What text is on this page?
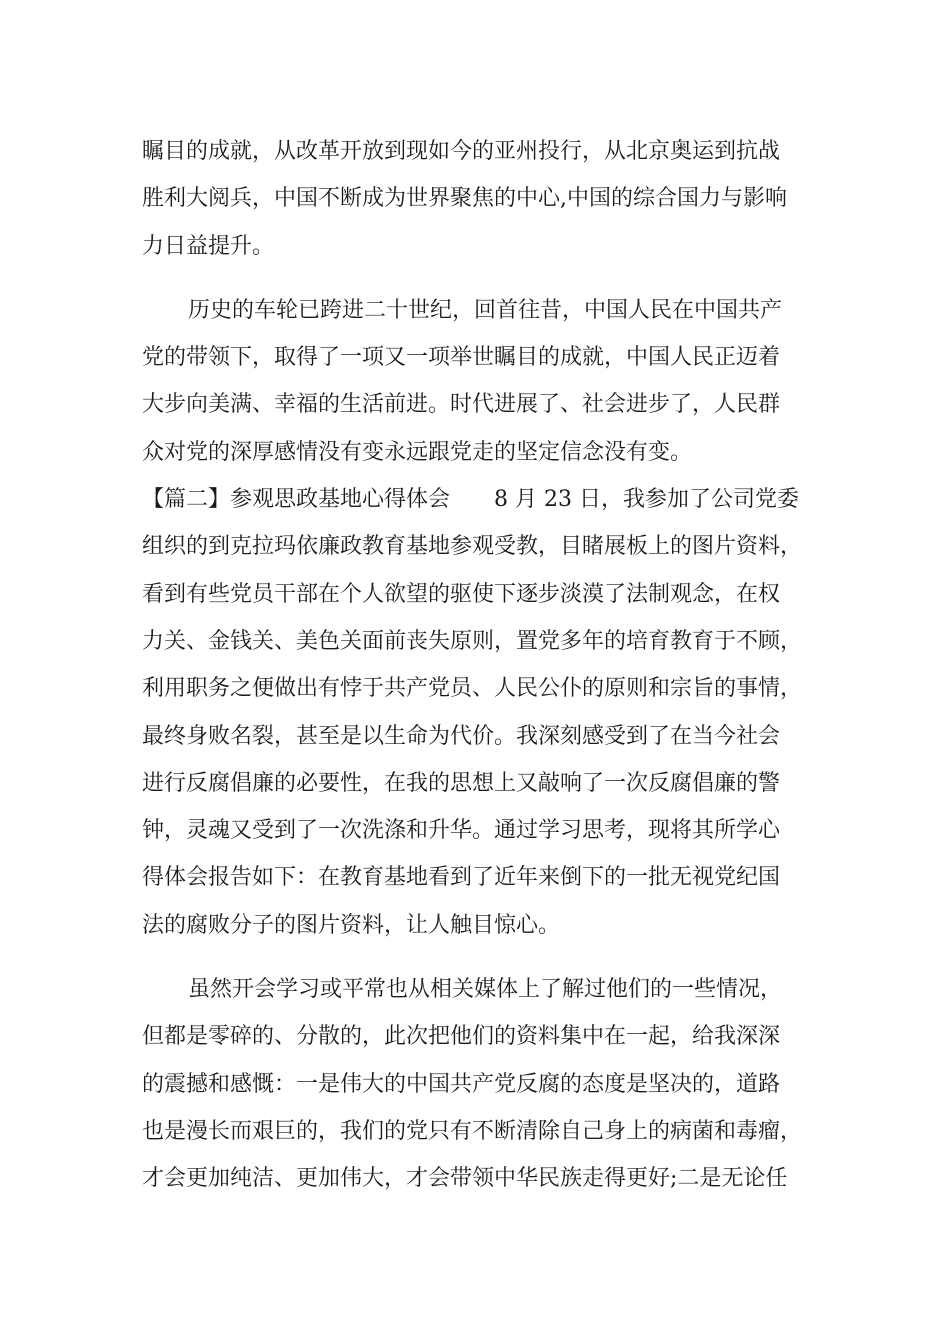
瞩目的成就，从改革开放到现如今的亚州投行，从北京奥运到抗战
胜利大阅兵，中国不断成为世界聚焦的中心,中国的综合国力与影响
力日益提升。
历史的车轮已跨进二十世纪，回首往昔，中国人民在中国共产
党的带领下，取得了一项又一项举世瞩目的成就，中国人民正迈着
大步向美满、幸福的生活前进。时代进展了、社会进步了，人民群
众对党的深厚感情没有变永远跟党走的坚定信念没有变。
【篇二】参观思政基地心得体会　　8 月 23 日，我参加了公司党委
组织的到克拉玛依廉政教育基地参观受教，目睹展板上的图片资料，
看到有些党员干部在个人欲望的驱使下逐步淡漠了法制观念，在权
力关、金钱关、美色关面前丧失原则，置党多年的培育教育于不顾，
利用职务之便做出有悖于共产党员、人民公仆的原则和宗旨的事情，
最终身败名裂，甚至是以生命为代价。我深刻感受到了在当今社会
进行反腐倡廉的必要性，在我的思想上又敲响了一次反腐倡廉的警
钟，灵魂又受到了一次洗涤和升华。通过学习思考，现将其所学心
得体会报告如下：在教育基地看到了近年来倒下的一批无视党纪国
法的腐败分子的图片资料，让人触目惊心。
虽然开会学习或平常也从相关媒体上了解过他们的一些情况，
但都是零碎的、分散的，此次把他们的资料集中在一起，给我深深
的震撼和感慨：一是伟大的中国共产党反腐的态度是坚决的，道路
也是漫长而艰巨的，我们的党只有不断清除自己身上的病菌和毒瘤，
才会更加纯洁、更加伟大，才会带领中华民族走得更好;二是无论任
